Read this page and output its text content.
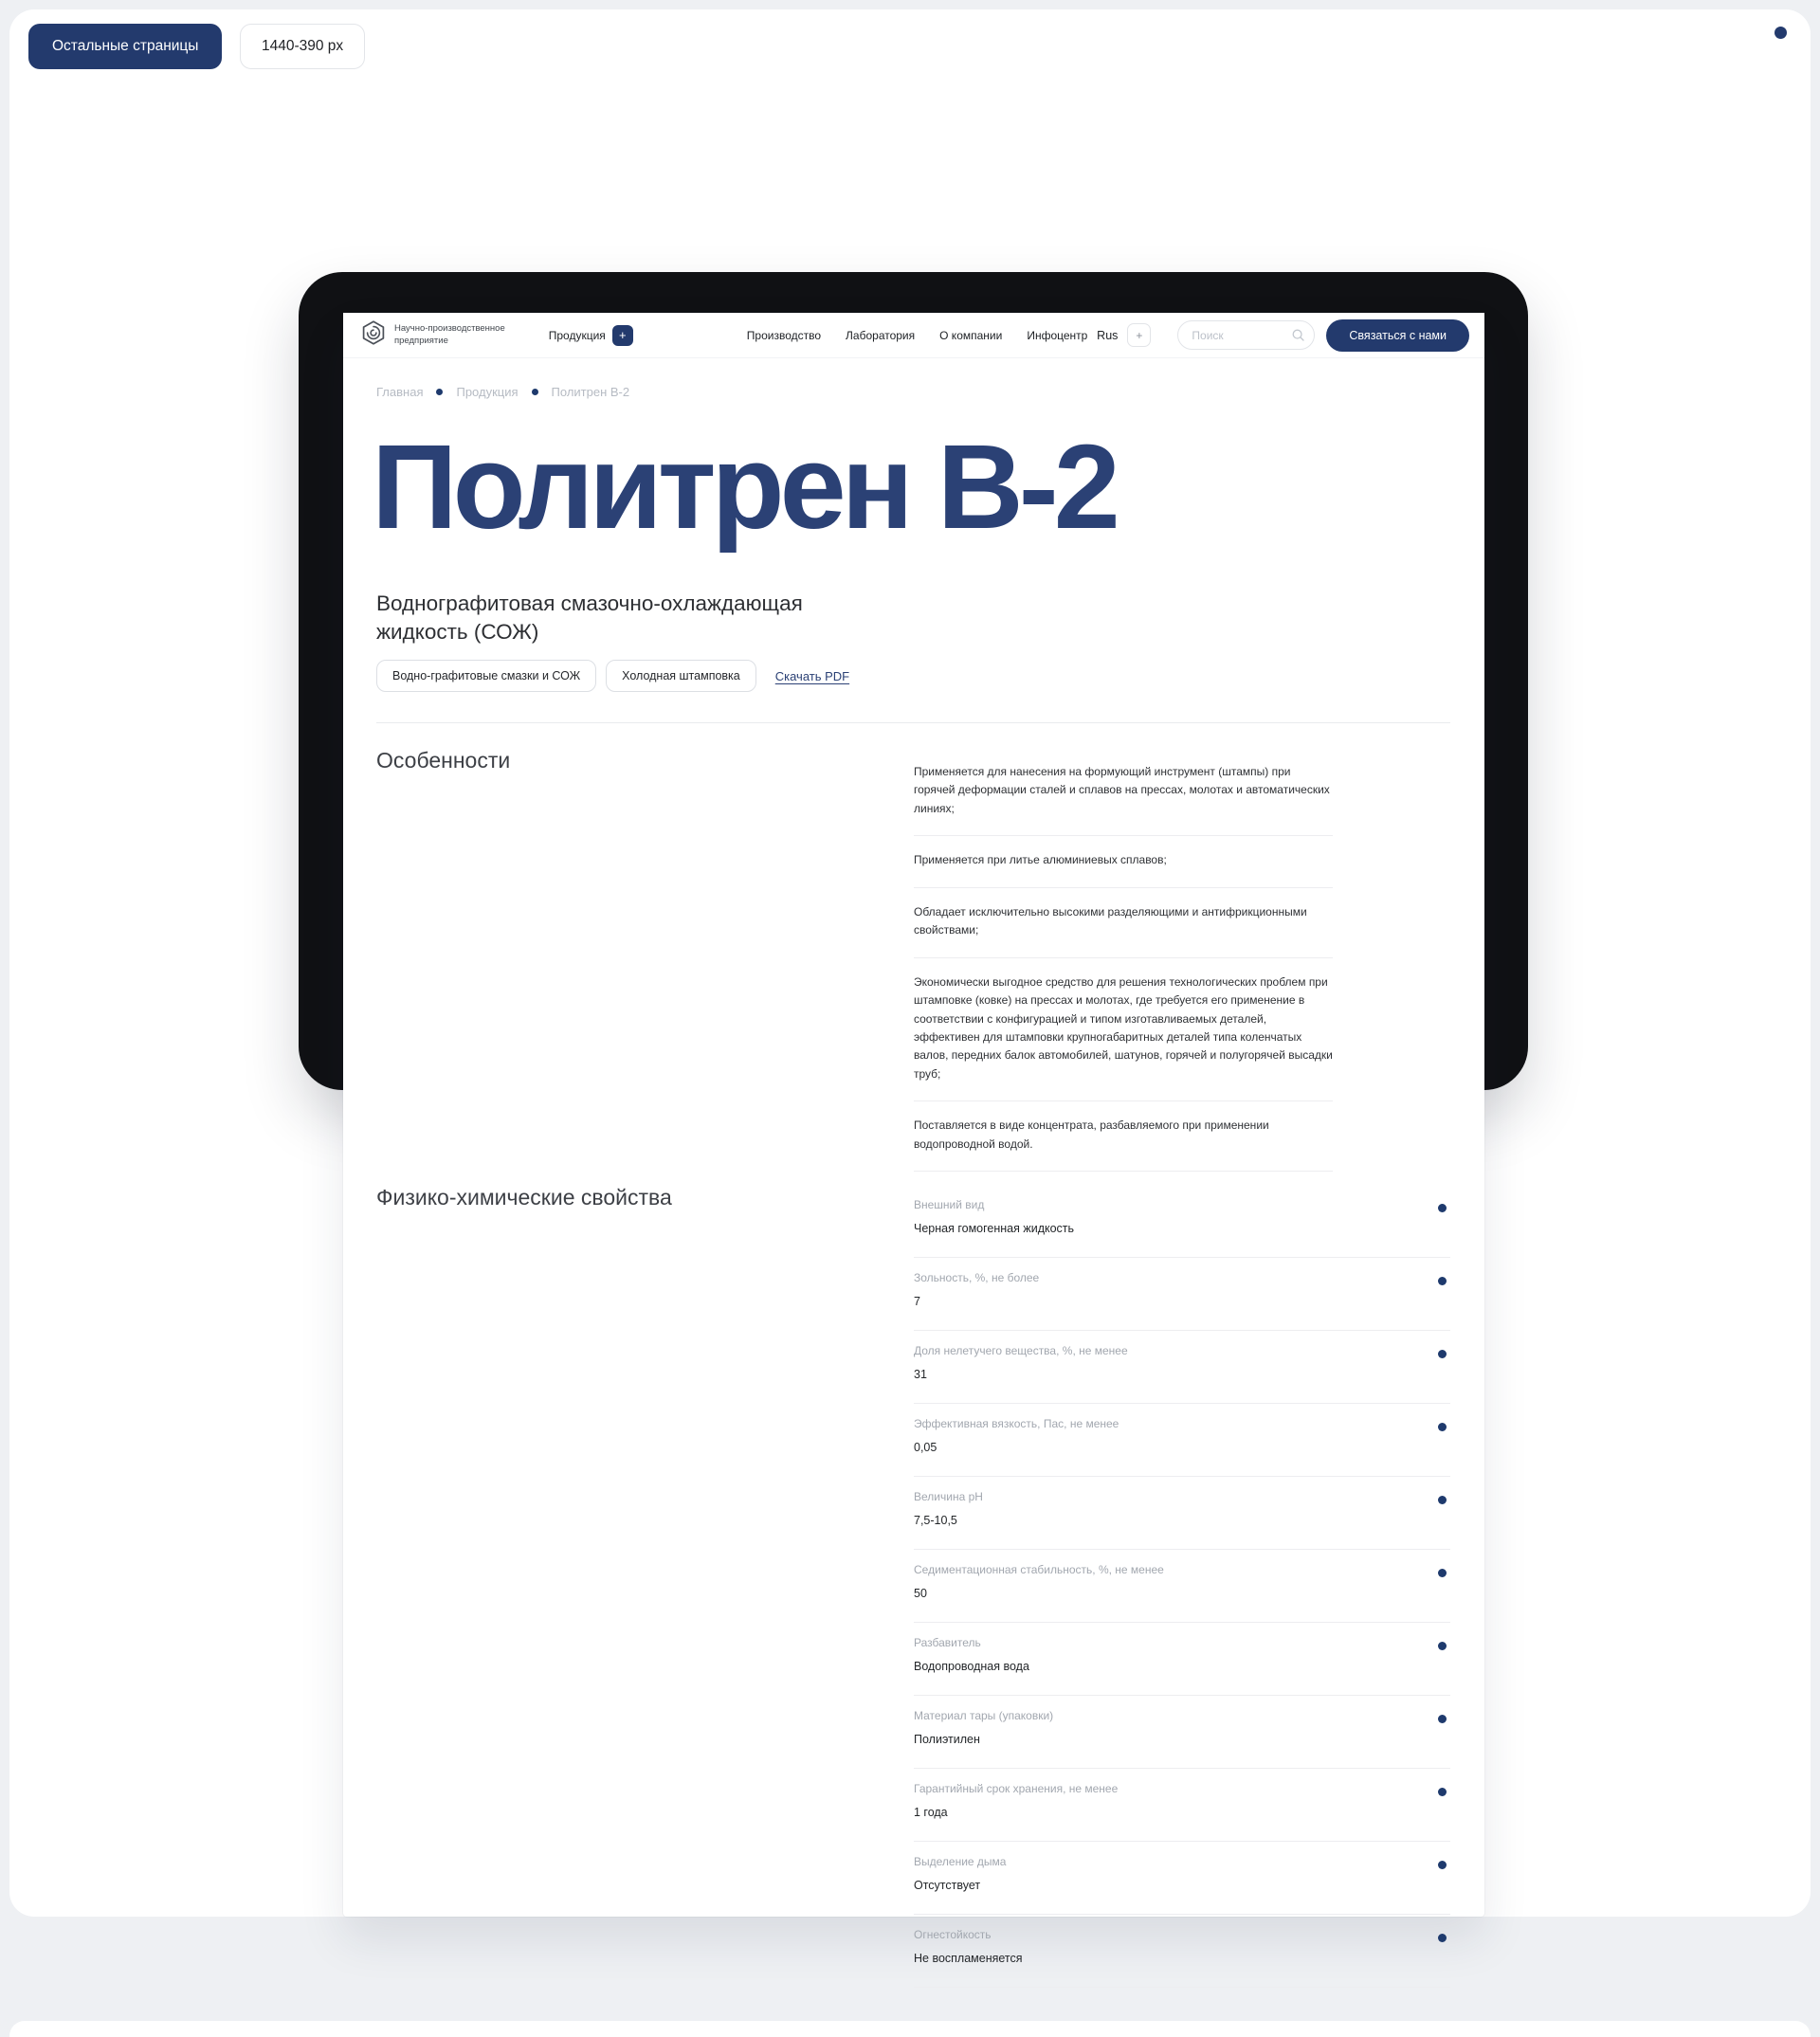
Остальные страницы	1440-390 px
Научно-производственное
предприятие	Продукция	+	Производство Лаборатория О компании Инфоцентр Rus	+
Поиск	Связаться с нами
Главная	Продукция	Политрен В-2
Политрен В-2
Воднографитовая смазочно-охлаждающая жидкость (СОЖ)
Водно-графитовые смазки и СОЖ	Холодная штамповка	Скачать PDF
Особенности	Применяется для нанесения на формующий инструмент (штампы) при горячей деформации сталей и сплавов на прессах, молотах и автоматических линиях;
Применяется при литье алюминиевых сплавов;
Обладает исключительно высокими разделяющими и антифрикционными свойствами;
Экономически выгодное средство для решения технологических проблем при штамповке (ковке) на прессах и молотах, где требуется его применение в соответствии с конфигурацией и типом изготавливаемых деталей, эффективен для штамповки крупногабаритных деталей типа коленчатых валов, передних балок автомобилей, шатунов, горячей и полугорячей высадки труб;
Поставляется в виде концентрата, разбавляемого при применении водопроводной водой.
Физико-химические свойства	Внешний вид
Черная гомогенная жидкость
Зольность, %, не более
7
Доля нелетучего вещества, %, не менее
31
Эффективная вязкость, Пас, не менее
0,05
Величина pH
7,5-10,5
Седиментационная стабильность, %, не менее
50
Разбавитель
Водопроводная вода
Материал тары (упаковки)
Полиэтилен
Гарантийный срок хранения, не менее
1 года
Выделение дыма
Отсутствует
Огнестойкость
Не воспламеняется
